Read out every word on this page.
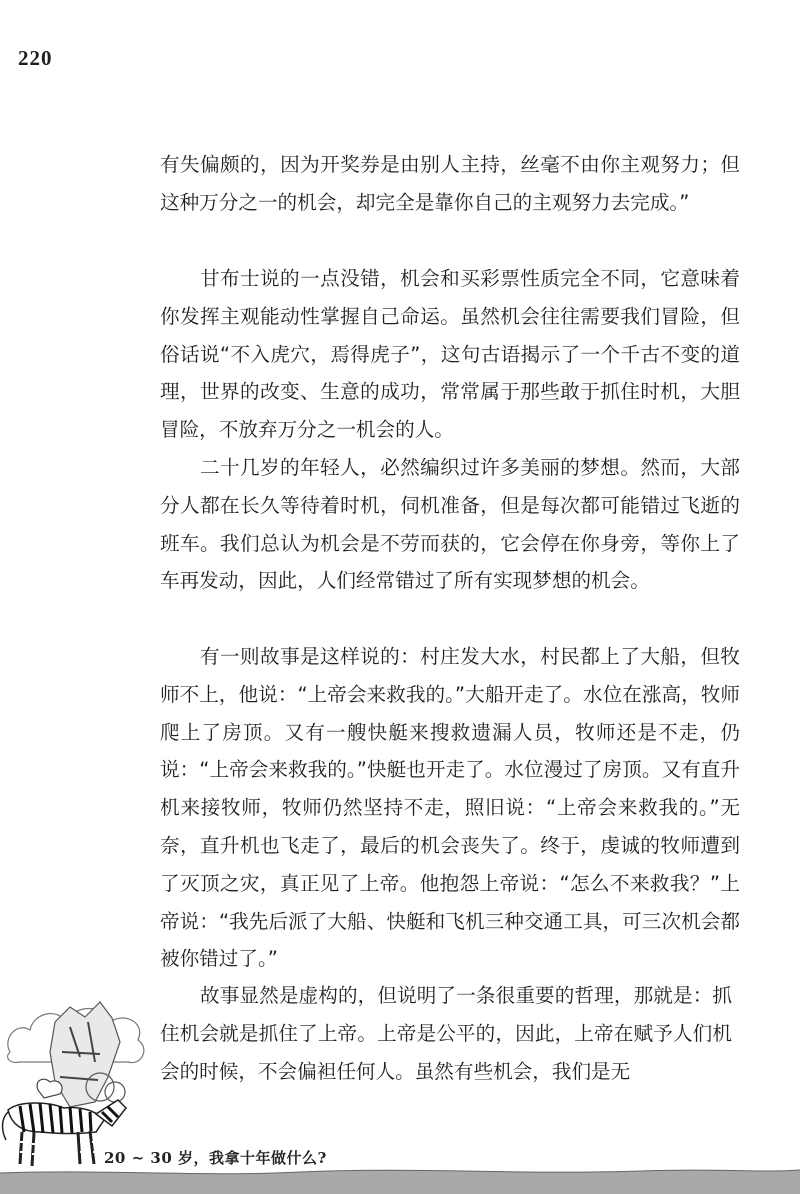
220

有失偏颇的，因为开奖券是由别人主持，丝毫不由你主观努力；但这种万分之一的机会，却完全是靠你自己的主观努力去完成。”

甘布士说的一点没错，机会和买彩票性质完全不同，它意味着你发挥主观能动性掌握自己命运。虽然机会往往需要我们冒险，但俗话说“不入虎穴，焉得虎子”，这句古语揭示了一个千古不变的道理，世界的改变、生意的成功，常常属于那些敢于抓住时机，大胆冒险，不放弃万分之一机会的人。

二十几岁的年轻人，必然编织过许多美丽的梦想。然而，大部分人都在长久等待着时机，伺机准备，但是每次都可能错过飞逝的班车。我们总认为机会是不劳而获的，它会停在你身旁，等你上了车再发动，因此，人们经常错过了所有实现梦想的机会。

有一则故事是这样说的：村庄发大水，村民都上了大船，但牧师不上，他说：“上帝会来救我的。”大船开走了。水位在涨高，牧师爬上了房顶。又有一艘快艇来搜救遗漏人员，牧师还是不走，仍说：“上帝会来救我的。”快艇也开走了。水位漫过了房顶。又有直升机来接牧师，牧师仍然坚持不走，照旧说：“上帝会来救我的。”无奈，直升机也飞走了，最后的机会丧失了。终于，虔诚的牧师遭到了灭顶之灾，真正见了上帝。他抱怨上帝说：“怎么不来救我？”上帝说：“我先后派了大船、快艇和飞机三种交通工具，可三次机会都被你错过了。”

故事显然是虚构的，但说明了一条很重要的哲理，那就是：抓住机会就是抓住了上帝。上帝是公平的，因此，上帝在赋予人们机会的时候，不会偏袒任何人。虽然有些机会，我们是无

20 ~ 30 岁，我拿十年做什么?
